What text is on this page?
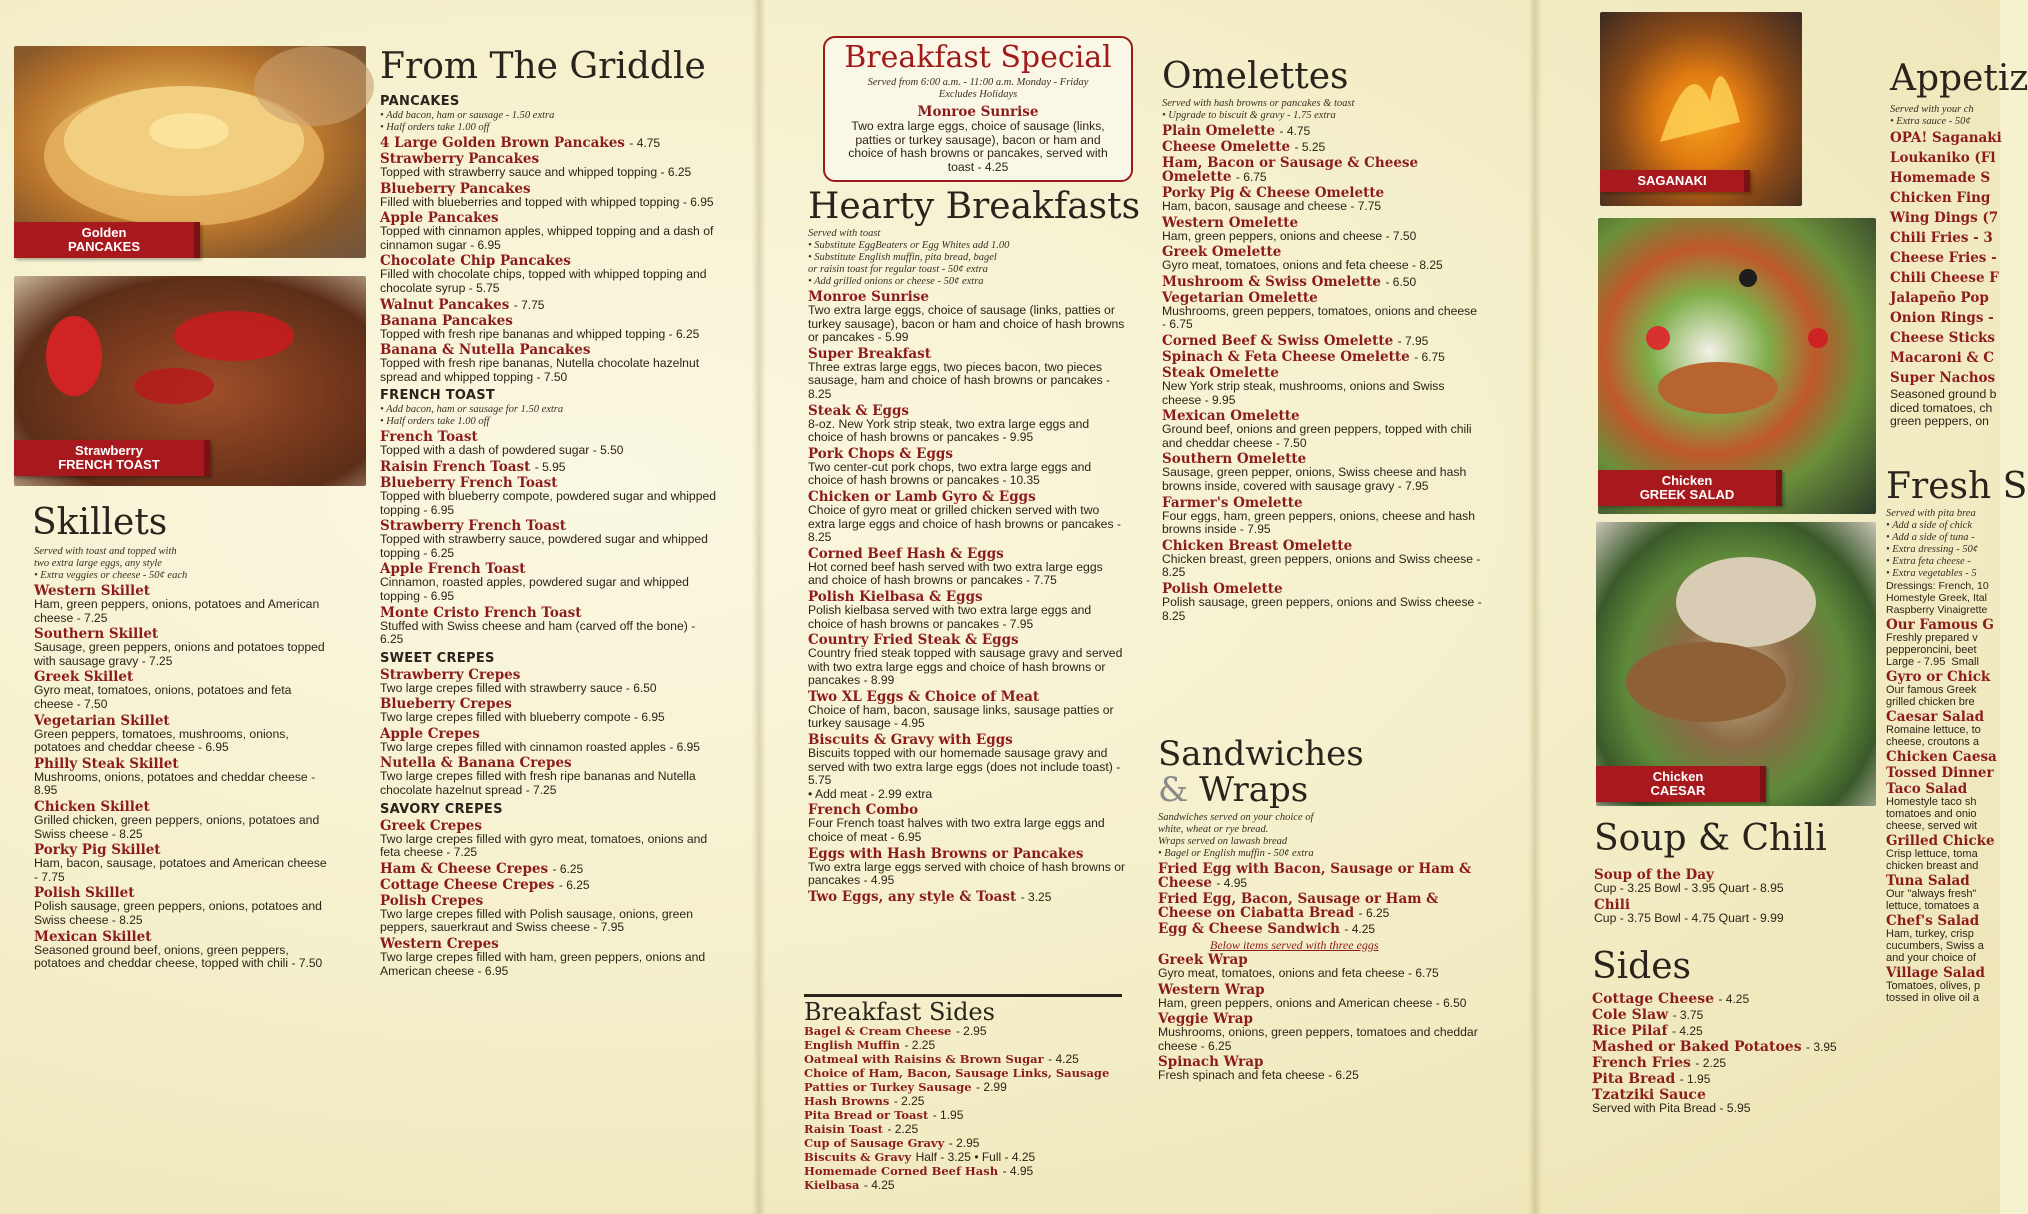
Golden
PANCAKES
Strawberry
FRENCH TOAST
Skillets
Served with toast and topped with
two extra large eggs, any style
• Extra veggies or cheese - 50¢ each
Western Skillet
Ham, green peppers, onions, potatoes and American cheese - 7.25
Southern Skillet
Sausage, green peppers, onions and potatoes topped with sausage gravy - 7.25
Greek Skillet
Gyro meat, tomatoes, onions, potatoes and feta cheese - 7.50
Vegetarian Skillet
Green peppers, tomatoes, mushrooms, onions, potatoes and cheddar cheese - 6.95
Philly Steak Skillet
Mushrooms, onions, potatoes and cheddar cheese - 8.95
Chicken Skillet
Grilled chicken, green peppers, onions, potatoes and Swiss cheese - 8.25
Porky Pig Skillet
Ham, bacon, sausage, potatoes and American cheese - 7.75
Polish Skillet
Polish sausage, green peppers, onions, potatoes and Swiss cheese - 8.25
Mexican Skillet
Seasoned ground beef, onions, green peppers, potatoes and cheddar cheese, topped with chili - 7.50
From The Griddle
PANCAKES
• Add bacon, ham or sausage - 1.50 extra
• Half orders take 1.00 off
4 Large Golden Brown Pancakes - 4.75
Strawberry Pancakes
Topped with strawberry sauce and whipped topping - 6.25
Blueberry Pancakes
Filled with blueberries and topped with whipped topping - 6.95
Apple Pancakes
Topped with cinnamon apples, whipped topping and a dash of cinnamon sugar - 6.95
Chocolate Chip Pancakes
Filled with chocolate chips, topped with whipped topping and chocolate syrup - 5.75
Walnut Pancakes - 7.75
Banana Pancakes
Topped with fresh ripe bananas and whipped topping - 6.25
Banana & Nutella Pancakes
Topped with fresh ripe bananas, Nutella chocolate hazelnut spread and whipped topping - 7.50
FRENCH TOAST
• Add bacon, ham or sausage for 1.50 extra
• Half orders take 1.00 off
French Toast
Topped with a dash of powdered sugar - 5.50
Raisin French Toast - 5.95
Blueberry French Toast
Topped with blueberry compote, powdered sugar and whipped topping - 6.95
Strawberry French Toast
Topped with strawberry sauce, powdered sugar and whipped topping - 6.25
Apple French Toast
Cinnamon, roasted apples, powdered sugar and whipped topping - 6.95
Monte Cristo French Toast
Stuffed with Swiss cheese and ham (carved off the bone) - 6.25
SWEET CREPES
Strawberry Crepes
Two large crepes filled with strawberry sauce - 6.50
Blueberry Crepes
Two large crepes filled with blueberry compote - 6.95
Apple Crepes
Two large crepes filled with cinnamon roasted apples - 6.95
Nutella & Banana Crepes
Two large crepes filled with fresh ripe bananas and Nutella chocolate hazelnut spread - 7.25
SAVORY CREPES
Greek Crepes
Two large crepes filled with gyro meat, tomatoes, onions and feta cheese - 7.25
Ham & Cheese Crepes - 6.25
Cottage Cheese Crepes - 6.25
Polish Crepes
Two large crepes filled with Polish sausage, onions, green peppers, sauerkraut and Swiss cheese - 7.95
Western Crepes
Two large crepes filled with ham, green peppers, onions and American cheese - 6.95
Breakfast Special
Served from 6:00 a.m. - 11:00 a.m. Monday - Friday
Excludes Holidays
Monroe Sunrise
Two extra large eggs, choice of sausage (links, patties or turkey sausage), bacon or ham and choice of hash browns or pancakes, served with toast - 4.25
Hearty Breakfasts
Served with toast
• Substitute EggBeaters or Egg Whites add 1.00
• Substitute English muffin, pita bread, bagel
or raisin toast for regular toast - 50¢ extra
• Add grilled onions or cheese - 50¢ extra
Monroe Sunrise
Two extra large eggs, choice of sausage (links, patties or turkey sausage), bacon or ham and choice of hash browns or pancakes - 5.99
Super Breakfast
Three extras large eggs, two pieces bacon, two pieces sausage, ham and choice of hash browns or pancakes - 8.25
Steak & Eggs
8-oz. New York strip steak, two extra large eggs and choice of hash browns or pancakes - 9.95
Pork Chops & Eggs
Two center-cut pork chops, two extra large eggs and choice of hash browns or pancakes - 10.35
Chicken or Lamb Gyro & Eggs
Choice of gyro meat or grilled chicken served with two extra large eggs and choice of hash browns or pancakes - 8.25
Corned Beef Hash & Eggs
Hot corned beef hash served with two extra large eggs and choice of hash browns or pancakes - 7.75
Polish Kielbasa & Eggs
Polish kielbasa served with two extra large eggs and choice of hash browns or pancakes - 7.95
Country Fried Steak & Eggs
Country fried steak topped with sausage gravy and served with two extra large eggs and choice of hash browns or pancakes - 8.99
Two XL Eggs & Choice of Meat
Choice of ham, bacon, sausage links, sausage patties or turkey sausage - 4.95
Biscuits & Gravy with Eggs
Biscuits topped with our homemade sausage gravy and served with two extra large eggs (does not include toast) - 5.75
• Add meat - 2.99 extra
French Combo
Four French toast halves with two extra large eggs and choice of meat - 6.95
Eggs with Hash Browns or Pancakes
Two extra large eggs served with choice of hash browns or pancakes - 4.95
Two Eggs, any style & Toast - 3.25
Breakfast Sides
Bagel & Cream Cheese - 2.95
English Muffin - 2.25
Oatmeal with Raisins & Brown Sugar - 4.25
Choice of Ham, Bacon, Sausage Links, Sausage Patties or Turkey Sausage - 2.99
Hash Browns - 2.25
Pita Bread or Toast - 1.95
Raisin Toast - 2.25
Cup of Sausage Gravy - 2.95
Biscuits & Gravy Half - 3.25 • Full - 4.25
Homemade Corned Beef Hash - 4.95
Kielbasa - 4.25
Omelettes
Served with hash browns or pancakes & toast
• Upgrade to biscuit & gravy - 1.75 extra
Plain Omelette - 4.75
Cheese Omelette - 5.25
Ham, Bacon or Sausage & Cheese Omelette - 6.75
Porky Pig & Cheese Omelette
Ham, bacon, sausage and cheese - 7.75
Western Omelette
Ham, green peppers, onions and cheese - 7.50
Greek Omelette
Gyro meat, tomatoes, onions and feta cheese - 8.25
Mushroom & Swiss Omelette - 6.50
Vegetarian Omelette
Mushrooms, green peppers, tomatoes, onions and cheese - 6.75
Corned Beef & Swiss Omelette - 7.95
Spinach & Feta Cheese Omelette - 6.75
Steak Omelette
New York strip steak, mushrooms, onions and Swiss cheese - 9.95
Mexican Omelette
Ground beef, onions and green peppers, topped with chili and cheddar cheese - 7.50
Southern Omelette
Sausage, green pepper, onions, Swiss cheese and hash browns inside, covered with sausage gravy - 7.95
Farmer's Omelette
Four eggs, ham, green peppers, onions, cheese and hash browns inside - 7.95
Chicken Breast Omelette
Chicken breast, green peppers, onions and Swiss cheese - 8.25
Polish Omelette
Polish sausage, green peppers, onions and Swiss cheese - 8.25
Sandwiches
& Wraps
Sandwiches served on your choice of
white, wheat or rye bread.
Wraps served on lawash bread
• Bagel or English muffin - 50¢ extra
Fried Egg with Bacon, Sausage or Ham & Cheese - 4.95
Fried Egg, Bacon, Sausage or Ham & Cheese on Ciabatta Bread - 6.25
Egg & Cheese Sandwich - 4.25
Below items served with three eggs
Greek Wrap
Gyro meat, tomatoes, onions and feta cheese - 6.75
Western Wrap
Ham, green peppers, onions and American cheese - 6.50
Veggie Wrap
Mushrooms, onions, green peppers, tomatoes and cheddar cheese - 6.25
Spinach Wrap
Fresh spinach and feta cheese - 6.25
SAGANAKI
Chicken
GREEK SALAD
Chicken
CAESAR
Soup & Chili
Soup of the Day
Cup - 3.25 Bowl - 3.95 Quart - 8.95
Chili
Cup - 3.75 Bowl - 4.75 Quart - 9.99
Sides
Cottage Cheese - 4.25
Cole Slaw - 3.75
Rice Pilaf - 4.25
Mashed or Baked Potatoes - 3.95
French Fries - 2.25
Pita Bread - 1.95
Tzatziki Sauce
Served with Pita Bread - 5.95
Appetiz
Served with your ch
• Extra sauce - 50¢
OPA! Saganaki
Loukaniko (Fl
Homemade S
Chicken Fing
Wing Dings (7
Chili Fries - 3
Cheese Fries -
Chili Cheese F
Jalapeño Pop
Onion Rings -
Cheese Sticks
Macaroni & C
Super Nachos
Seasoned ground b
diced tomatoes, ch
green peppers, on
Fresh S
Served with pita brea
• Add a side of chick
• Add a side of tuna -
• Extra dressing - 50¢
• Extra feta cheese -
• Extra vegetables - 5
Dressings: French, 10
Homestyle Greek, Ital
Raspberry Vinaigrette
Our Famous G
Freshly prepared v
pepperoncini, beet
Large - 7.95  Small
Gyro or Chick
Our famous Greek
grilled chicken bre
Caesar Salad
Romaine lettuce, to
cheese, croutons a
Chicken Caesa
Tossed Dinner
Taco Salad
Homestyle taco sh
tomatoes and onio
cheese, served wit
Grilled Chicke
Crisp lettuce, toma
chicken breast and
Tuna Salad
Our "always fresh"
lettuce, tomatoes a
Chef's Salad
Ham, turkey, crisp
cucumbers, Swiss a
and your choice of
Village Salad
Tomatoes, olives, p
tossed in olive oil a
